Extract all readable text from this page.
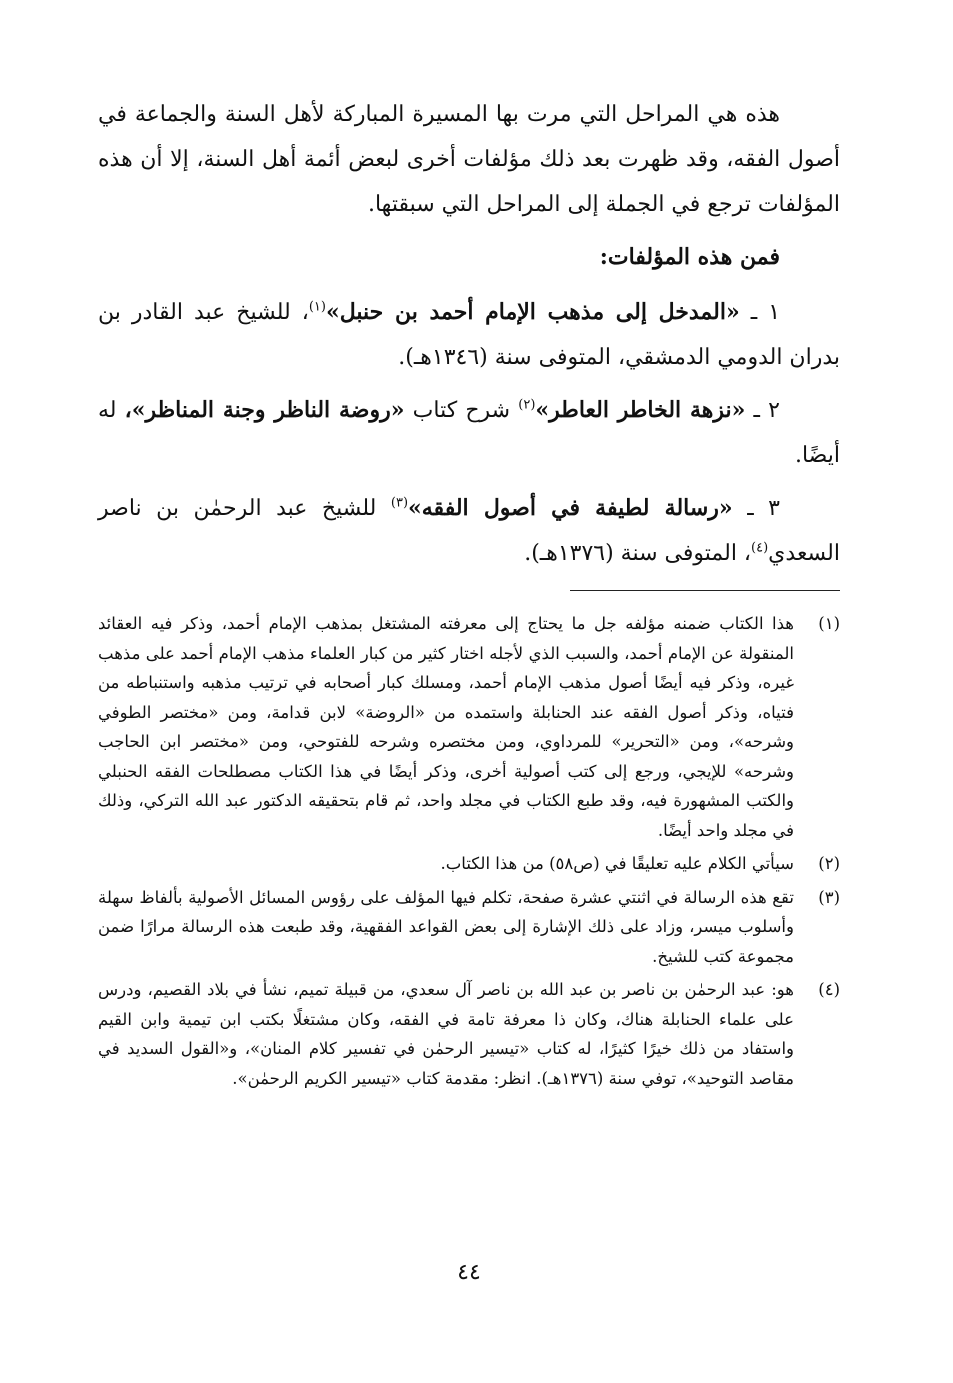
هذه هي المراحل التي مرت بها المسيرة المباركة لأهل السنة والجماعة في أصول الفقه، وقد ظهرت بعد ذلك مؤلفات أخرى لبعض أئمة أهل السنة، إلا أن هذه المؤلفات ترجع في الجملة إلى المراحل التي سبقتها.

فمن هذه المؤلفات:

١ ـ «المدخل إلى مذهب الإمام أحمد بن حنبل»$^{(١)}$، للشيخ عبد القادر بن بدران الدومي الدمشقي، المتوفى سنة (١٣٤٦هـ).

٢ ـ «نزهة الخاطر العاطر»$^{(٢)}$ شرح كتاب «روضة الناظر وجنة المناظر»، له أيضًا.

٣ ـ «رسالة لطيفة في أصول الفقه»$^{(٣)}$ للشيخ عبد الرحمٰن بن ناصر السعدي$^{(٤)}$، المتوفى سنة (١٣٧٦هـ).

(١)
هذا الكتاب ضمنه مؤلفه جل ما يحتاج إلى معرفته المشتغل بمذهب الإمام أحمد، وذكر فيه العقائد المنقولة عن الإمام أحمد، والسبب الذي لأجله اختار كثير من كبار العلماء مذهب الإمام أحمد على مذهب غيره، وذكر فيه أيضًا أصول مذهب الإمام أحمد، ومسلك كبار أصحابه في ترتيب مذهبه واستنباطه من فتياه، وذكر أصول الفقه عند الحنابلة واستمده من «الروضة» لابن قدامة، ومن «مختصر الطوفي وشرحه»، ومن «التحرير» للمرداوي، ومن مختصره وشرحه للفتوحي، ومن «مختصر ابن الحاجب وشرحه» للإيجي، ورجع إلى كتب أصولية أخرى، وذكر أيضًا في هذا الكتاب مصطلحات الفقه الحنبلي والكتب المشهورة فيه، وقد طبع الكتاب في مجلد واحد، ثم قام بتحقيقه الدكتور عبد الله التركي، وذلك في مجلد واحد أيضًا.
(٢)
سيأتي الكلام عليه تعليقًا في (ص٥٨) من هذا الكتاب.
(٣)
تقع هذه الرسالة في اثنتي عشرة صفحة، تكلم فيها المؤلف على رؤوس المسائل الأصولية بألفاظ سهلة وأسلوب ميسر، وزاد على ذلك الإشارة إلى بعض القواعد الفقهية، وقد طبعت هذه الرسالة مرارًا ضمن مجموعة كتب للشيخ.
(٤)
هو: عبد الرحمٰن بن ناصر بن عبد الله بن ناصر آل سعدي، من قبيلة تميم، نشأ في بلاد القصيم، ودرس على علماء الحنابلة هناك، وكان ذا معرفة تامة في الفقه، وكان مشتغلًا بكتب ابن تيمية وابن القيم واستفاد من ذلك خيرًا كثيرًا، له كتاب «تيسير الرحمٰن في تفسير كلام المنان»، و«القول السديد في مقاصد التوحيد»، توفي سنة (١٣٧٦هـ). انظر: مقدمة كتاب «تيسير الكريم الرحمٰن».
٤٤
